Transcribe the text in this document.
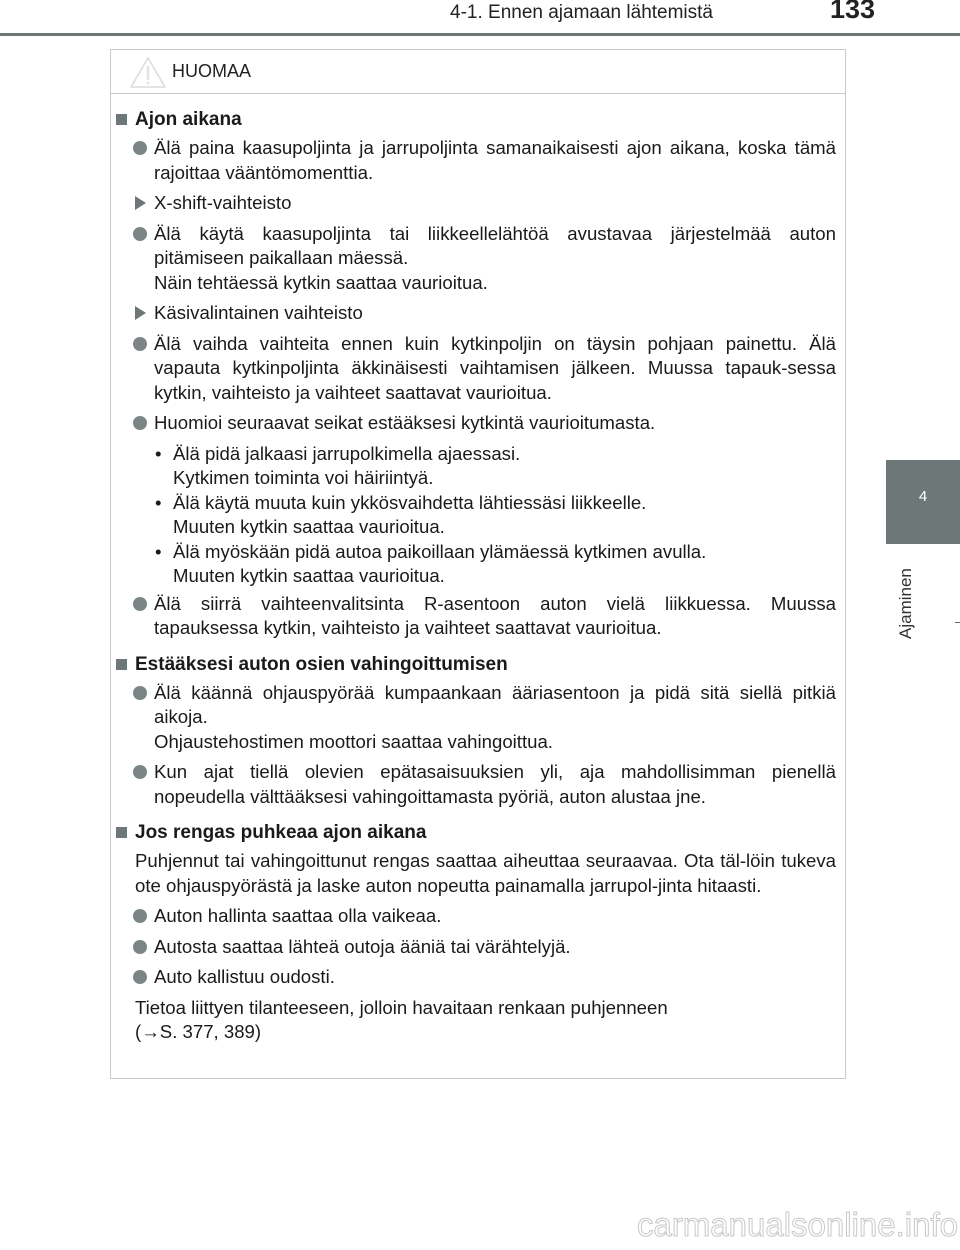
4-1. Ennen ajamaan lähtemistä	133
4
Ajaminen
HUOMAA
Ajon aikana
Älä paina kaasupoljinta ja jarrupoljinta samanaikaisesti ajon aikana, koska tämä rajoittaa vääntömomenttia.
X-shift-vaihteisto
Älä käytä kaasupoljinta tai liikkeellelähtöä avustavaa järjestelmää auton pitämiseen paikallaan mäessä.
Näin tehtäessä kytkin saattaa vaurioitua.
Käsivalintainen vaihteisto
Älä vaihda vaihteita ennen kuin kytkinpoljin on täysin pohjaan painettu. Älä vapauta kytkinpoljinta äkkinäisesti vaihtamisen jälkeen. Muussa tapauk-sessa kytkin, vaihteisto ja vaihteet saattavat vaurioitua.
Huomioi seuraavat seikat estääksesi kytkintä vaurioitumasta.
• Älä pidä jalkaasi jarrupolkimella ajaessasi.
Kytkimen toiminta voi häiriintyä.
• Älä käytä muuta kuin ykkösvaihdetta lähtiessäsi liikkeelle.
Muuten kytkin saattaa vaurioitua.
• Älä myöskään pidä autoa paikoillaan ylämäessä kytkimen avulla.
Muuten kytkin saattaa vaurioitua.
Älä siirrä vaihteenvalitsinta R-asentoon auton vielä liikkuessa. Muussa tapauksessa kytkin, vaihteisto ja vaihteet saattavat vaurioitua.
Estääksesi auton osien vahingoittumisen
Älä käännä ohjauspyörää kumpaankaan ääriasentoon ja pidä sitä siellä pitkiä aikoja.
Ohjaustehostimen moottori saattaa vahingoittua.
Kun ajat tiellä olevien epätasaisuuksien yli, aja mahdollisimman pienellä nopeudella välttääksesi vahingoittamasta pyöriä, auton alustaa jne.
Jos rengas puhkeaa ajon aikana
Puhjennut tai vahingoittunut rengas saattaa aiheuttaa seuraavaa. Ota täl-löin tukeva ote ohjauspyörästä ja laske auton nopeutta painamalla jarrupol-jinta hitaasti.
Auton hallinta saattaa olla vaikeaa.
Autosta saattaa lähteä outoja ääniä tai värähtelyjä.
Auto kallistuu oudosti.
Tietoa liittyen tilanteeseen, jolloin havaitaan renkaan puhjenneen
(→S. 377, 389)
carmanualsonline.info
